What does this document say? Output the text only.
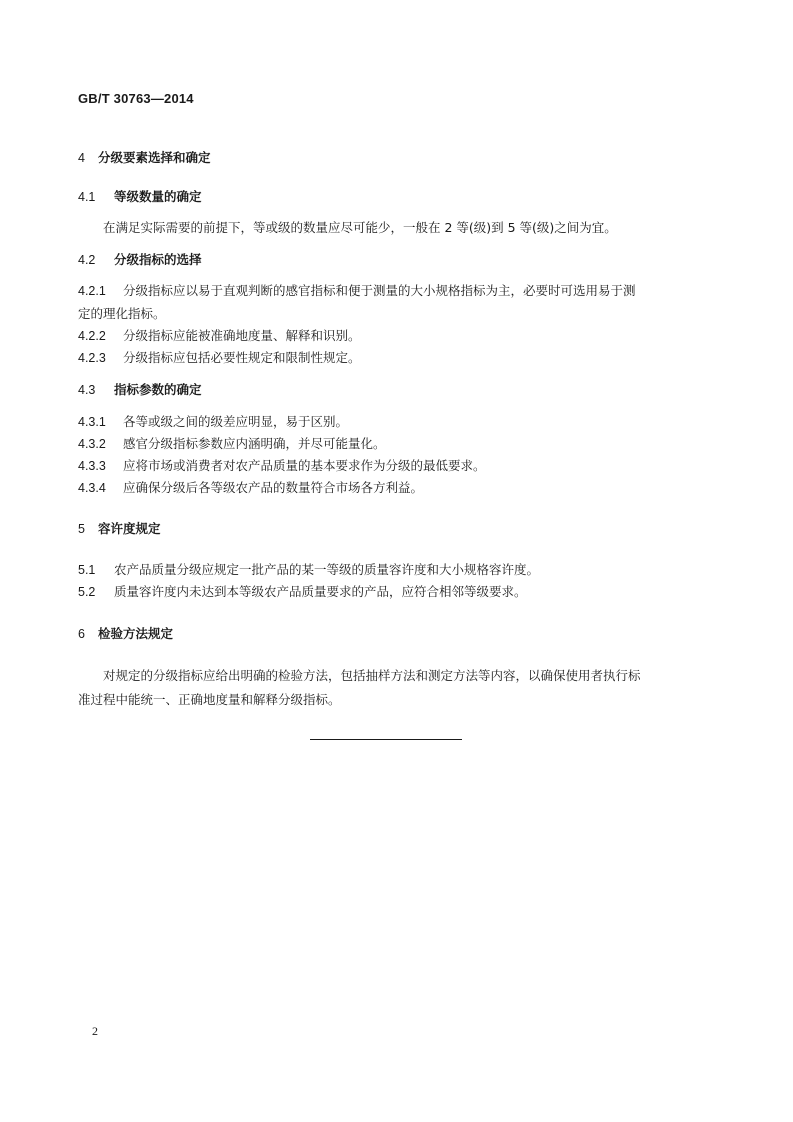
GB/T 30763—2014
4 分级要素选择和确定
4.1 等级数量的确定
在满足实际需要的前提下，等或级的数量应尽可能少，一般在 2 等(级)到 5 等(级)之间为宜。
4.2 分级指标的选择
4.2.1 分级指标应以易于直观判断的感官指标和便于测量的大小规格指标为主，必要时可选用易于测
定的理化指标。
4.2.2 分级指标应能被准确地度量、解释和识别。
4.2.3 分级指标应包括必要性规定和限制性规定。
4.3 指标参数的确定
4.3.1 各等或级之间的级差应明显，易于区别。
4.3.2 感官分级指标参数应内涵明确，并尽可能量化。
4.3.3 应将市场或消费者对农产品质量的基本要求作为分级的最低要求。
4.3.4 应确保分级后各等级农产品的数量符合市场各方利益。
5 容许度规定
5.1 农产品质量分级应规定一批产品的某一等级的质量容许度和大小规格容许度。
5.2 质量容许度内未达到本等级农产品质量要求的产品，应符合相邻等级要求。
6 检验方法规定
对规定的分级指标应给出明确的检验方法，包括抽样方法和测定方法等内容，以确保使用者执行标
准过程中能统一、正确地度量和解释分级指标。
2
